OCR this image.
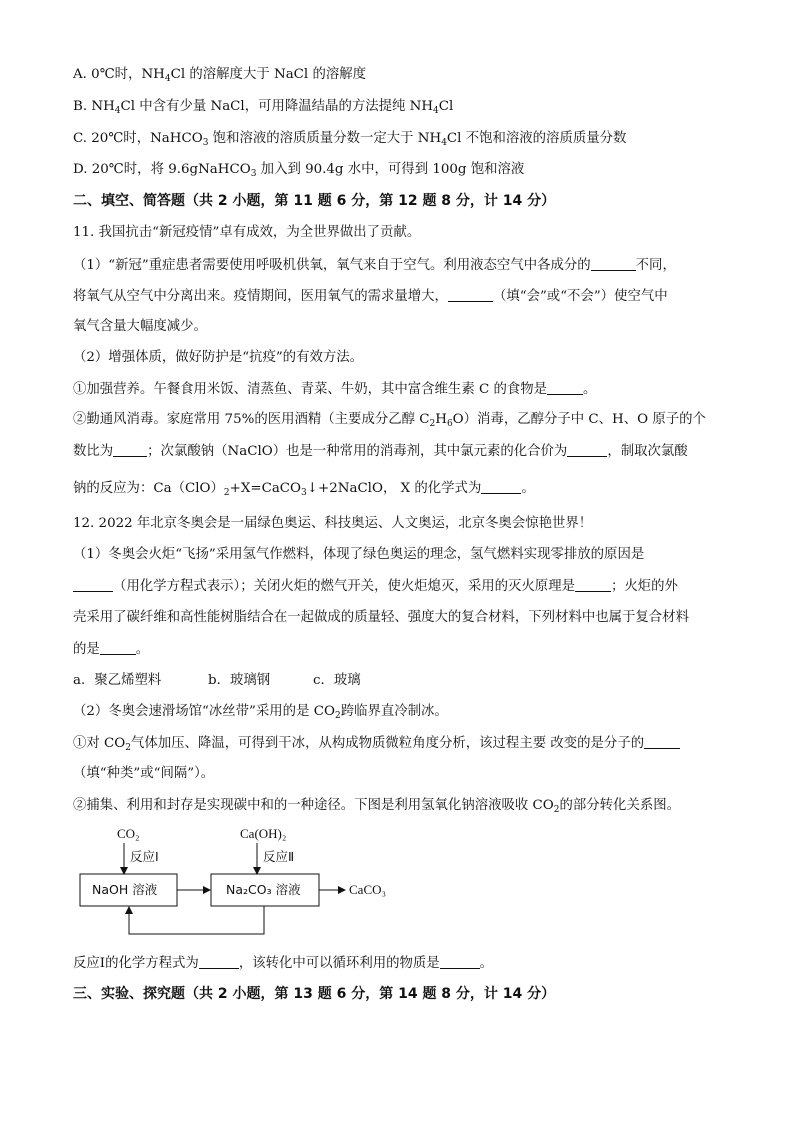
A. 0℃时，$NH_4Cl$ 的溶解度大于 NaCl 的溶解度
B. $NH_4Cl$ 中含有少量 NaCl，可用降温结晶的方法提纯 $NH_4Cl$
C. 20℃时，NaHCO$_3$ 饱和溶液的溶质质量分数一定大于 $NH_4Cl$ 不饱和溶液的溶质质量分数
D. 20℃时，将 9.6gNaHCO$_3$ 加入到 90.4g 水中，可得到 100g 饱和溶液
二、填空、简答题（共 2 小题，第 11 题 6 分，第 12 题 8 分，计 14 分）
11. 我国抗击“新冠疫情”卓有成效，为全世界做出了贡献。
（1）“新冠”重症患者需要使用呼吸机供氧，氧气来自于空气。利用液态空气中各成分的	不同，
将氧气从空气中分离出来。疫情期间，医用氧气的需求量增大，	（填“会”或“不会”）使空气中
氧气含量大幅度减少。
（2）增强体质，做好防护是“抗疫”的有效方法。
①加强营养。午餐食用米饭、清蒸鱼、青菜、牛奶，其中富含维生素 C 的食物是	。
②勤通风消毒。家庭常用 75%的医用酒精（主要成分乙醇 $C_2H_6O$）消毒，乙醇分子中 C、H、O 原子的个
数比为	；次氯酸钠（NaClO）也是一种常用的消毒剂，其中氯元素的化合价为	，制取次氯酸
钠的反应为：$Ca(ClO)_2+X=CaCO_3↓+2NaClO$， X 的化学式为	。
12. 2022 年北京冬奥会是一届绿色奥运、科技奥运、人文奥运，北京冬奥会惊艳世界！
（1）冬奥会火炬“飞扬”采用氢气作燃料，体现了绿色奥运的理念，氢气燃料实现零排放的原因是
（用化学方程式表示）；关闭火炬的燃气开关，使火炬熄灭，采用的灭火原理是	；火炬的外
壳采用了碳纤维和高性能树脂结合在一起做成的质量轻、强度大的复合材料，下列材料中也属于复合材料
的是	。
a．聚乙烯塑料	b．玻璃钢	c．玻璃
（2）冬奥会速滑场馆“冰丝带”采用的是 $CO_2$跨临界直冷制冰。
①对 $CO_2$气体加压、降温，可得到干冰，从构成物质微粒角度分析，该过程主要 改变的是分子的
（填“种类”或“间隔”）。
②捕集、利用和封存是实现碳中和的一种途径。下图是利用氢氧化钠溶液吸收 $CO_2$的部分转化关系图。
CO₂
反应Ⅰ
Ca(OH)₂
反应Ⅱ
NaOH 溶液	Na₂CO₃ 溶液	CaCO₃
反应Ⅰ的化学方程式为	，该转化中可以循环利用的物质是	。
三、实验、探究题（共 2 小题，第 13 题 6 分，第 14 题 8 分，计 14 分）
